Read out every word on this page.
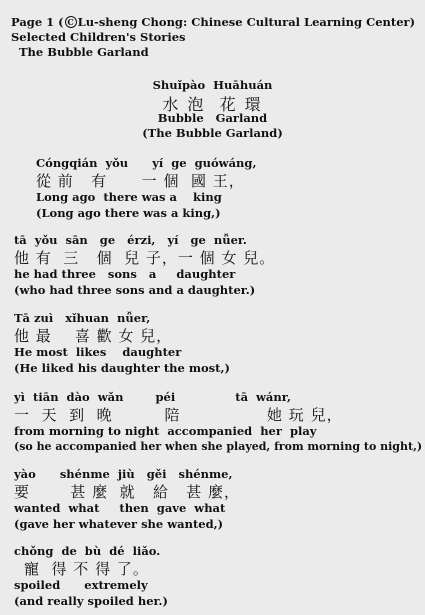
Page 1 ( C Lu-sheng Chong: Chinese Cultural Learning Center)
Selected Children's Stories
The Bubble Garland
Shuǐpào  Huāhuán
水 泡  花 環
Bubble   Garland
(The Bubble Garland)
Cóngqián  yǒu      yí  ge  guówáng,
從 前   有      一 個  國 王，
Long ago  there was a    king
(Long ago there was a king,)
tā  yǒu  sān   ge   érzi,   yí   ge  nǚer.
他 有  三   個  兒 子，一 個 女 兒。
he had three   sons   a     daughter
(who had three sons and a daughter.)
Tā zuì   xǐhuan  nǚer,
他 最    喜 歡 女 兒，
He most  likes    daughter
(He liked his daughter the most,)
yì  tiān  dào  wǎn        péi               tā  wánr,
一  天  到  晚         陪               她 玩 兒，
from morning to night  accompanied  her  play
(so he accompanied her when she played, from morning to night,)
yào      shénme  jiù   gěi   shénme,
要       甚 麼  就   給   甚 麼，
wanted  what     then  gave  what
(gave her whatever she wanted,)
chǒng  de  bù  dé  liǎo.
寵  得 不 得 了。
spoiled      extremely
(and really spoiled her.)
